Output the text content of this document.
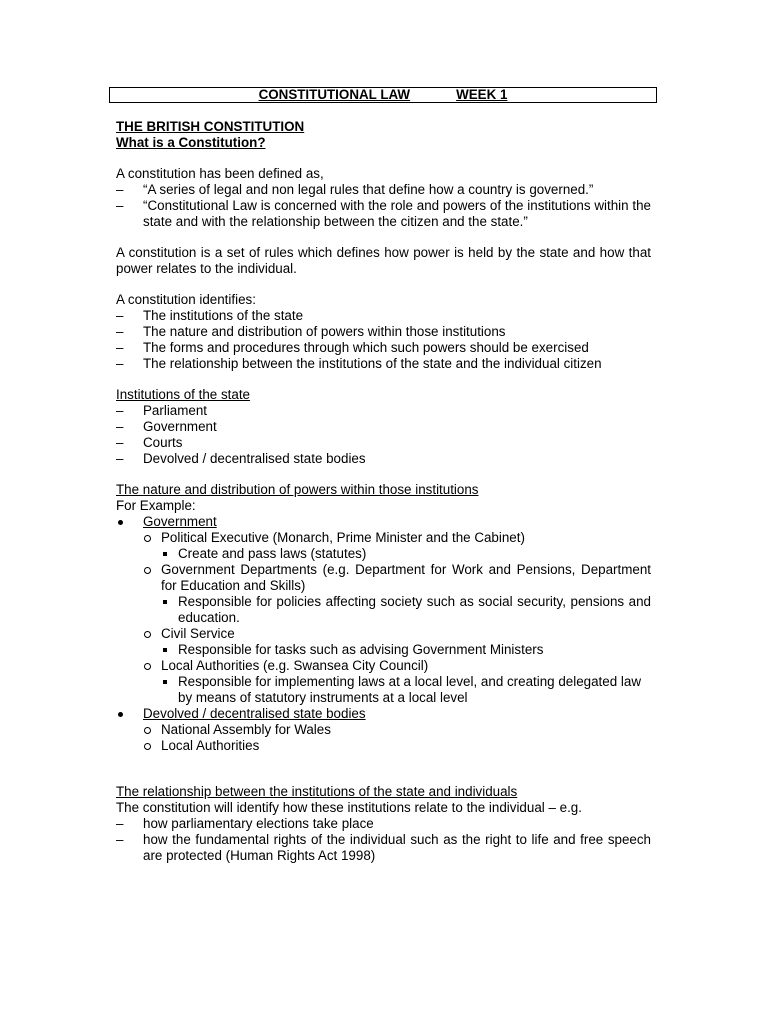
CONSTITUTIONAL LAW	WEEK 1

THE BRITISH CONSTITUTION

What is a Constitution?

A constitution has been defined as,

–	“A series of legal and non legal rules that define how a country is governed.”
–	“Constitutional Law is concerned with the role and powers of the institutions within the state and with the relationship between the citizen and the state.”

A constitution is a set of rules which defines how power is held by the state and how that power relates to the individual.

A constitution identifies:

–	The institutions of the state
–	The nature and distribution of powers within those institutions
–	The forms and procedures through which such powers should be exercised
–	The relationship between the institutions of the state and the individual citizen

Institutions of the state

–	Parliament
–	Government
–	Courts
–	Devolved / decentralised state bodies

The nature and distribution of powers within those institutions

For Example:

Government
Political Executive (Monarch, Prime Minister and the Cabinet)
Create and pass laws (statutes)
Government Departments (e.g. Department for Work and Pensions, Department for Education and Skills)
Responsible for policies affecting society such as social security, pensions and education.
Civil Service
Responsible for tasks such as advising Government Ministers
Local Authorities (e.g. Swansea City Council)
Responsible for implementing laws at a local level, and creating delegated law by means of statutory instruments at a local level
Devolved / decentralised state bodies
National Assembly for Wales
Local Authorities

The relationship between the institutions of the state and individuals

The constitution will identify how these institutions relate to the individual – e.g.

–	how parliamentary elections take place
–	how the fundamental rights of the individual such as the right to life and free speech are protected (Human Rights Act 1998)
